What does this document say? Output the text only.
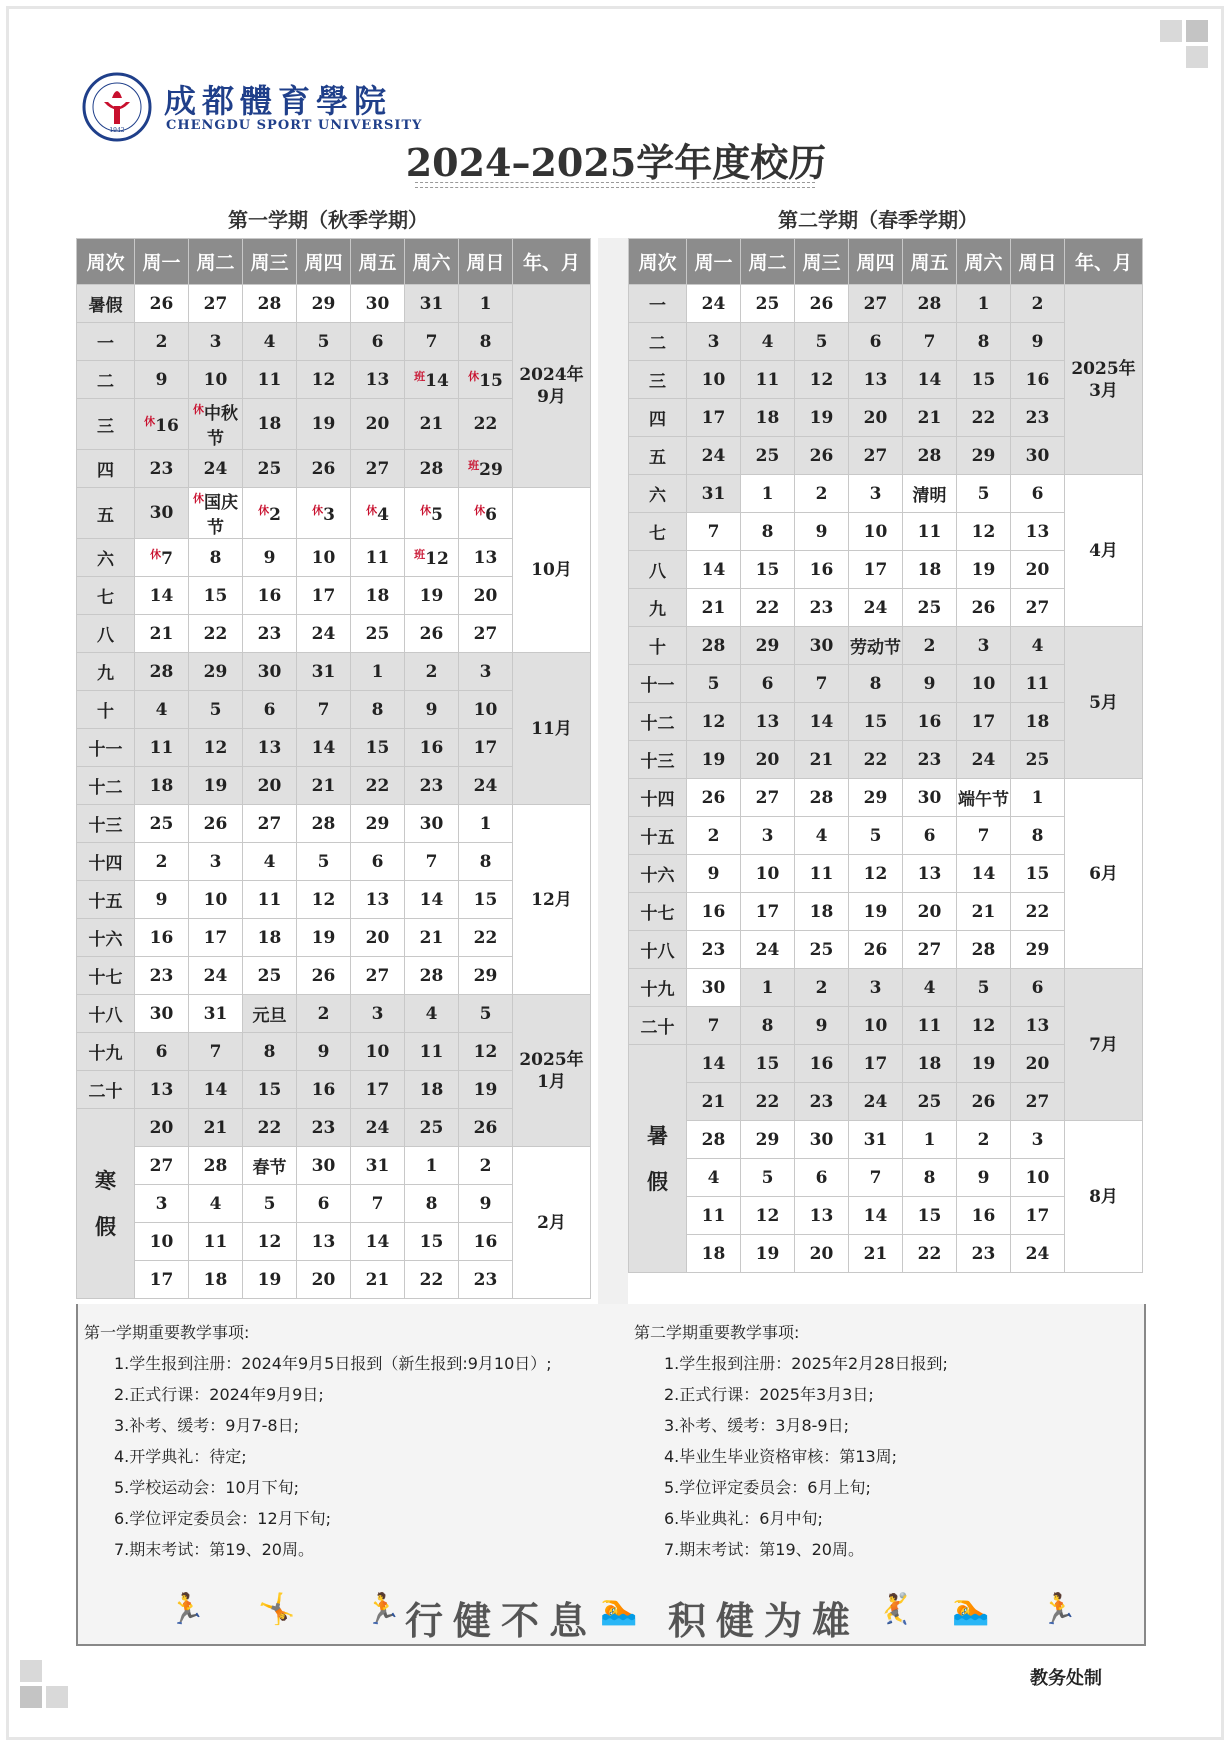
1942
成都體育學院
CHENGDU SPORT UNIVERSITY
2024–2025学年度校历
第一学期（秋季学期）	第二学期（春季学期）
周次	周一	周二	周三	周四	周五	周六	周日	年、月
暑假	26	27	28	29	30	31	1	2024年
9月
一	2	3	4	5	6	7	8	
二	9	10	11	12	13	$^班$14	$^休$15	
三	$^休$16	$^休$中秋节	18	19	20	21	22	
四	23	24	25	26	27	28	$^班$29	
五	30	$^休$国庆节	$^休$2	$^休$3	$^休$4	$^休$5	$^休$6	10月
六	$^休$7	8	9	10	11	$^班$12	13	
七	14	15	16	17	18	19	20	
八	21	22	23	24	25	26	27	
九	28	29	30	31	1	2	3	11月
十	4	5	6	7	8	9	10	
十一	11	12	13	14	15	16	17	
十二	18	19	20	21	22	23	24	
十三	25	26	27	28	29	30	1	12月
十四	2	3	4	5	6	7	8	
十五	9	10	11	12	13	14	15	
十六	16	17	18	19	20	21	22	
十七	23	24	25	26	27	28	29	
十八	30	31	元旦	2	3	4	5	2025年
1月
十九	6	7	8	9	10	11	12	
二十	13	14	15	16	17	18	19	

寒
假	20	21	22	23	24	25	26	
	27	28	春节	30	31	1	2	2月
	3	4	5	6	7	8	9	
	10	11	12	13	14	15	16	
	17	18	19	20	21	22	23	
周次	周一	周二	周三	周四	周五	周六	周日	年、月
一	24	25	26	27	28	1	2	2025年
3月
二	3	4	5	6	7	8	9	
三	10	11	12	13	14	15	16	
四	17	18	19	20	21	22	23	
五	24	25	26	27	28	29	30	
六	31	1	2	3	清明	5	6	4月
七	7	8	9	10	11	12	13	
八	14	15	16	17	18	19	20	
九	21	22	23	24	25	26	27	
十	28	29	30	劳动节	2	3	4	5月
十一	5	6	7	8	9	10	11	
十二	12	13	14	15	16	17	18	
十三	19	20	21	22	23	24	25	
十四	26	27	28	29	30	端午节	1	6月
十五	2	3	4	5	6	7	8	
十六	9	10	11	12	13	14	15	
十七	16	17	18	19	20	21	22	
十八	23	24	25	26	27	28	29	
十九	30	1	2	3	4	5	6	7月
二十	7	8	9	10	11	12	13	

暑
假	14	15	16	17	18	19	20	
	21	22	23	24	25	26	27	
	28	29	30	31	1	2	3	8月
	4	5	6	7	8	9	10	
	11	12	13	14	15	16	17	
	18	19	20	21	22	23	24	
第一学期重要教学事项:
1.学生报到注册：2024年9月5日报到（新生报到:9月10日）;
2.正式行课：2024年9月9日;
3.补考、缓考：9月7-8日;
4.开学典礼：待定;
5.学校运动会：10月下旬;
6.学位评定委员会：12月下旬;
7.期末考试：第19、20周。
第二学期重要教学事项:
1.学生报到注册：2025年2月28日报到;
2.正式行课：2025年3月3日;
3.补考、缓考：3月8-9日;
4.毕业生毕业资格审核：第13周;
5.学位评定委员会：6月上旬;
6.毕业典礼：6月中旬;
7.期末考试：第19、20周。
🏃 🤸 🏃 行健不息 🏊 积健为雄 🤾 🏊 🏃
教务处制
